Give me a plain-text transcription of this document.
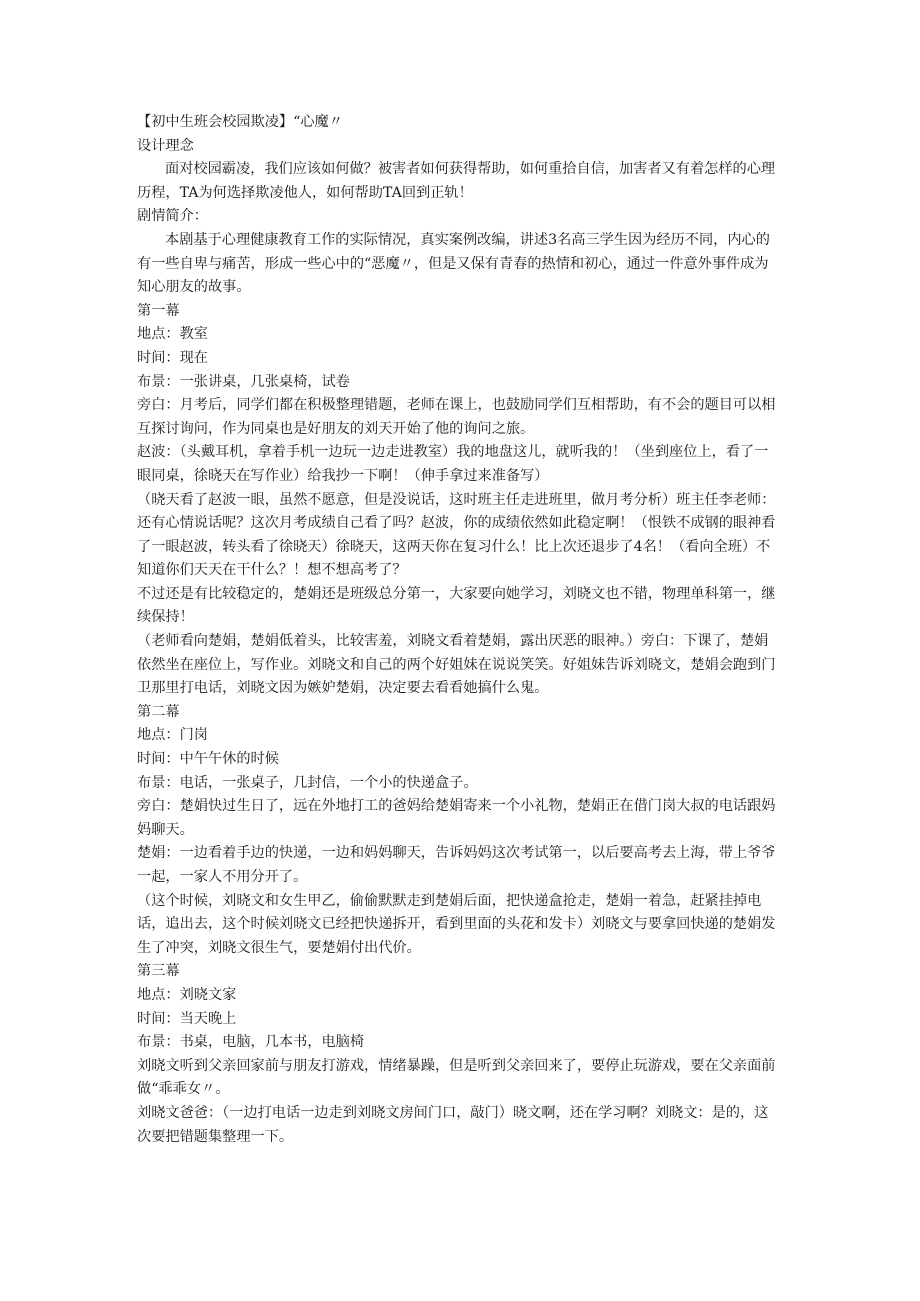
【初中生班会校园欺凌】“心魔〃

设计理念

面对校园霸凌，我们应该如何做？被害者如何获得帮助，如何重拾自信，加害者又有着怎样的心理历程，TA为何选择欺凌他人，如何帮助TA回到正轨！

剧情简介：

本剧基于心理健康教育工作的实际情况，真实案例改编，讲述3名高三学生因为经历不同，内心的有一些自卑与痛苦，形成一些心中的“恶魔〃，但是又保有青春的热情和初心，通过一件意外事件成为知心朋友的故事。

第一幕

地点：教室

时间：现在

布景：一张讲桌，几张桌椅，试卷

旁白：月考后，同学们都在积极整理错题，老师在课上，也鼓励同学们互相帮助，有不会的题目可以相互探讨询问，作为同桌也是好朋友的刘天开始了他的询问之旅。

赵波：（头戴耳机，拿着手机一边玩一边走进教室）我的地盘这儿，就听我的！（坐到座位上，看了一眼同桌，徐晓天在写作业）给我抄一下啊！（伸手拿过来准备写）

（晓天看了赵波一眼，虽然不愿意，但是没说话，这时班主任走进班里，做月考分析）班主任李老师：还有心情说话呢？这次月考成绩自己看了吗？赵波，你的成绩依然如此稳定啊！（恨铁不成钢的眼神看了一眼赵波，转头看了徐晓天）徐晓天，这两天你在复习什么！比上次还退步了4名！（看向全班）不知道你们天天在干什么？！想不想高考了？

不过还是有比较稳定的，楚娟还是班级总分第一，大家要向她学习，刘晓文也不错，物理单科第一，继续保持！

（老师看向楚娟，楚娟低着头，比较害羞，刘晓文看着楚娟，露出厌恶的眼神。）旁白：下课了，楚娟依然坐在座位上，写作业。刘晓文和自己的两个好姐妹在说说笑笑。好姐妹告诉刘晓文，楚娟会跑到门卫那里打电话，刘晓文因为嫉妒楚娟，决定要去看看她搞什么鬼。

第二幕

地点：门岗

时间：中午午休的时候

布景：电话，一张桌子，几封信，一个小的快递盒子。

旁白：楚娟快过生日了，远在外地打工的爸妈给楚娟寄来一个小礼物，楚娟正在借门岗大叔的电话跟妈妈聊天。

楚娟：一边看着手边的快递，一边和妈妈聊天，告诉妈妈这次考试第一，以后要高考去上海，带上爷爷一起，一家人不用分开了。

（这个时候，刘晓文和女生甲乙，偷偷默默走到楚娟后面，把快递盒抢走，楚娟一着急，赶紧挂掉电话，追出去，这个时候刘晓文已经把快递拆开，看到里面的头花和发卡）刘晓文与要拿回快递的楚娟发生了冲突，刘晓文很生气，要楚娟付出代价。

第三幕

地点：刘晓文家

时间：当天晚上

布景：书桌，电脑，几本书，电脑椅

刘晓文听到父亲回家前与朋友打游戏，情绪暴躁，但是听到父亲回来了，要停止玩游戏，要在父亲面前做“乖乖女〃。

刘晓文爸爸：（一边打电话一边走到刘晓文房间门口，敲门）晓文啊，还在学习啊？刘晓文：是的，这次要把错题集整理一下。
